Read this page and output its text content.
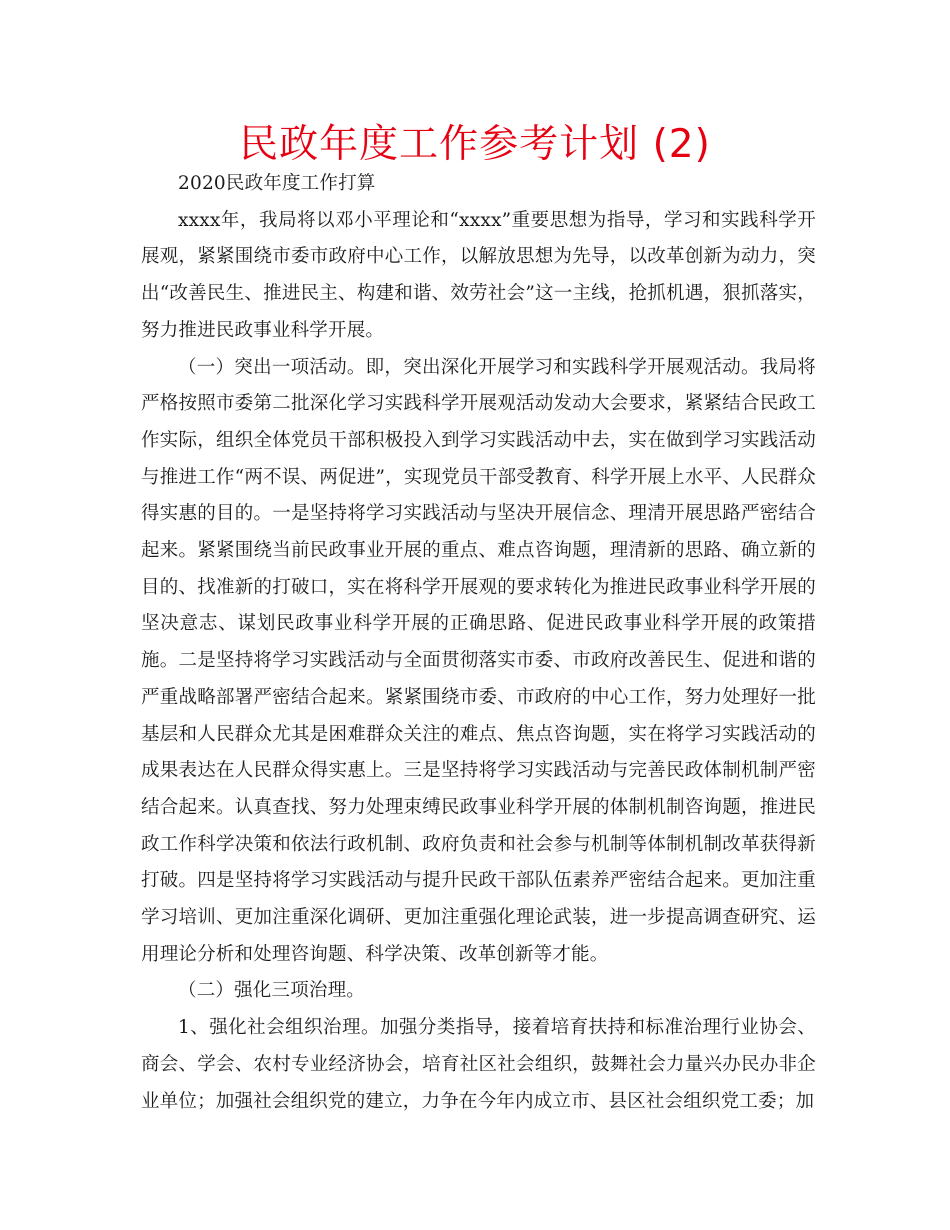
民政年度工作参考计划 (2)

2020民政年度工作打算

xxxx年，我局将以邓小平理论和“xxxx”重要思想为指导，学习和实践科学开展观，紧紧围绕市委市政府中心工作，以解放思想为先导，以改革创新为动力，突出“改善民生、推进民主、构建和谐、效劳社会”这一主线，抢抓机遇，狠抓落实，努力推进民政事业科学开展。

（一）突出一项活动。即，突出深化开展学习和实践科学开展观活动。我局将严格按照市委第二批深化学习实践科学开展观活动发动大会要求，紧紧结合民政工作实际，组织全体党员干部积极投入到学习实践活动中去，实在做到学习实践活动与推进工作“两不误、两促进”，实现党员干部受教育、科学开展上水平、人民群众得实惠的目的。一是坚持将学习实践活动与坚决开展信念、理清开展思路严密结合起来。紧紧围绕当前民政事业开展的重点、难点咨询题，理清新的思路、确立新的目的、找准新的打破口，实在将科学开展观的要求转化为推进民政事业科学开展的坚决意志、谋划民政事业科学开展的正确思路、促进民政事业科学开展的政策措施。二是坚持将学习实践活动与全面贯彻落实市委、市政府改善民生、促进和谐的严重战略部署严密结合起来。紧紧围绕市委、市政府的中心工作，努力处理好一批基层和人民群众尤其是困难群众关注的难点、焦点咨询题，实在将学习实践活动的成果表达在人民群众得实惠上。三是坚持将学习实践活动与完善民政体制机制严密结合起来。认真查找、努力处理束缚民政事业科学开展的体制机制咨询题，推进民政工作科学决策和依法行政机制、政府负责和社会参与机制等体制机制改革获得新打破。四是坚持将学习实践活动与提升民政干部队伍素养严密结合起来。更加注重学习培训、更加注重深化调研、更加注重强化理论武装，进一步提高调查研究、运用理论分析和处理咨询题、科学决策、改革创新等才能。

（二）强化三项治理。

1、强化社会组织治理。加强分类指导，接着培育扶持和标准治理行业协会、商会、学会、农村专业经济协会，培育社区社会组织，鼓舞社会力量兴办民办非企业单位；加强社会组织党的建立，力争在今年内成立市、县区社会组织党工委；加
